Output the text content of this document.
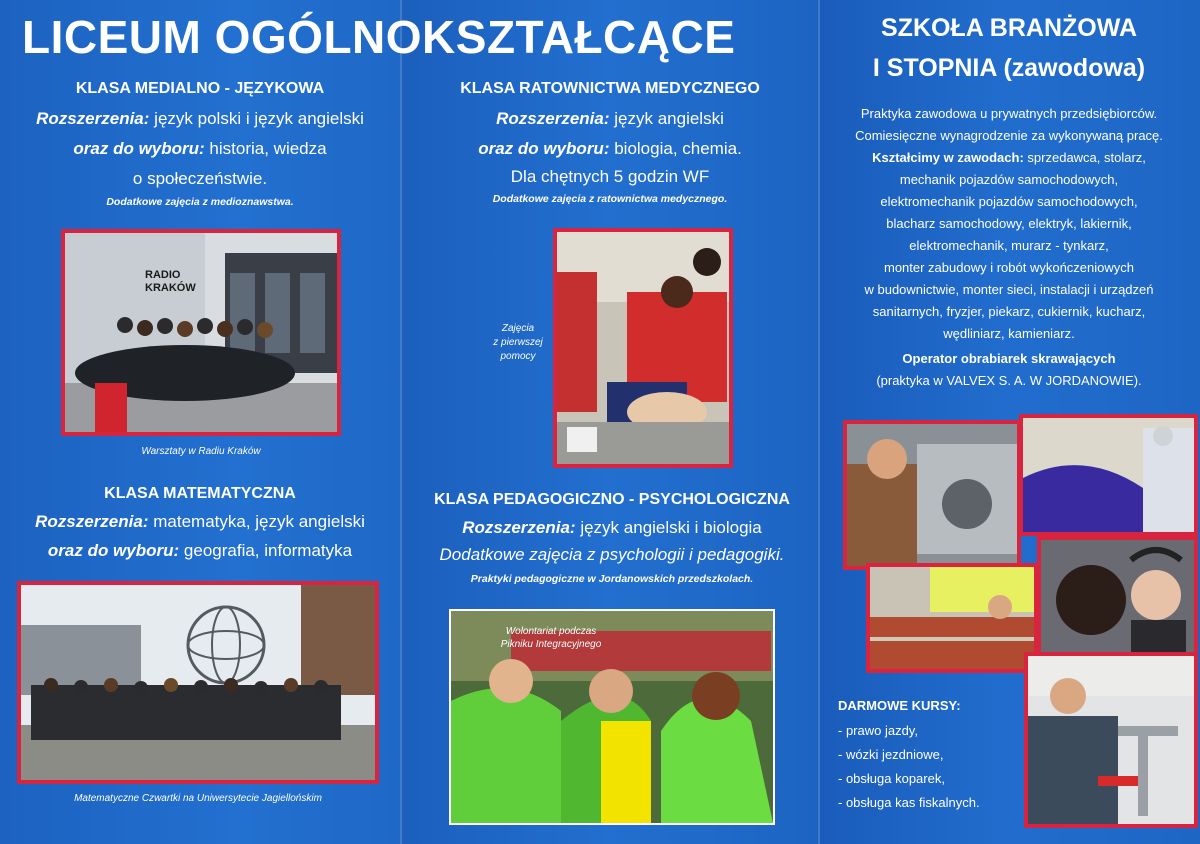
LICEUM OGÓLNOKSZTAŁCĄCE
KLASA MEDIALNO - JĘZYKOWA
Rozszerzenia: język polski i język angielski
oraz do wyboru: historia, wiedza
o społeczeństwie.
Dodatkowe zajęcia z medioznawstwa.
RADIO KRAKÓW
Warsztaty w Radiu Kraków
KLASA MATEMATYCZNA
Rozszerzenia: matematyka, język angielski
oraz do wyboru: geografia, informatyka
Matematyczne Czwartki na Uniwersytecie Jagiellońskim
KLASA RATOWNICTWA MEDYCZNEGO
Rozszerzenia: język angielski
oraz do wyboru: biologia, chemia.
Dla chętnych 5 godzin WF
Dodatkowe zajęcia z ratownictwa medycznego.
Zajęcia
z pierwszej
pomocy
KLASA PEDAGOGICZNO - PSYCHOLOGICZNA
Rozszerzenia: język angielski i biologia
Dodatkowe zajęcia z psychologii i pedagogiki.
Praktyki pedagogiczne w Jordanowskich przedszkolach.
Wolontariat podczas
Pikniku Integracyjnego
SZKOŁA BRANŻOWA
I STOPNIA (zawodowa)
Praktyka zawodowa u prywatnych przedsiębiorców.
Comiesięczne wynagrodzenie za wykonywaną pracę.
Kształcimy w zawodach: sprzedawca, stolarz,
mechanik pojazdów samochodowych,
elektromechanik pojazdów samochodowych,
blacharz samochodowy, elektryk, lakiernik,
elektromechanik, murarz - tynkarz,
monter zabudowy i robót wykończeniowych
w budownictwie, monter sieci, instalacji i urządzeń
sanitarnych, fryzjer, piekarz, cukiernik, kucharz,
wędliniarz, kamieniarz.
Operator obrabiarek skrawających
(praktyka w VALVEX S. A. W JORDANOWIE).
DARMOWE KURSY:
- prawo jazdy,
- wózki jezdniowe,
- obsługa koparek,
- obsługa kas fiskalnych.
